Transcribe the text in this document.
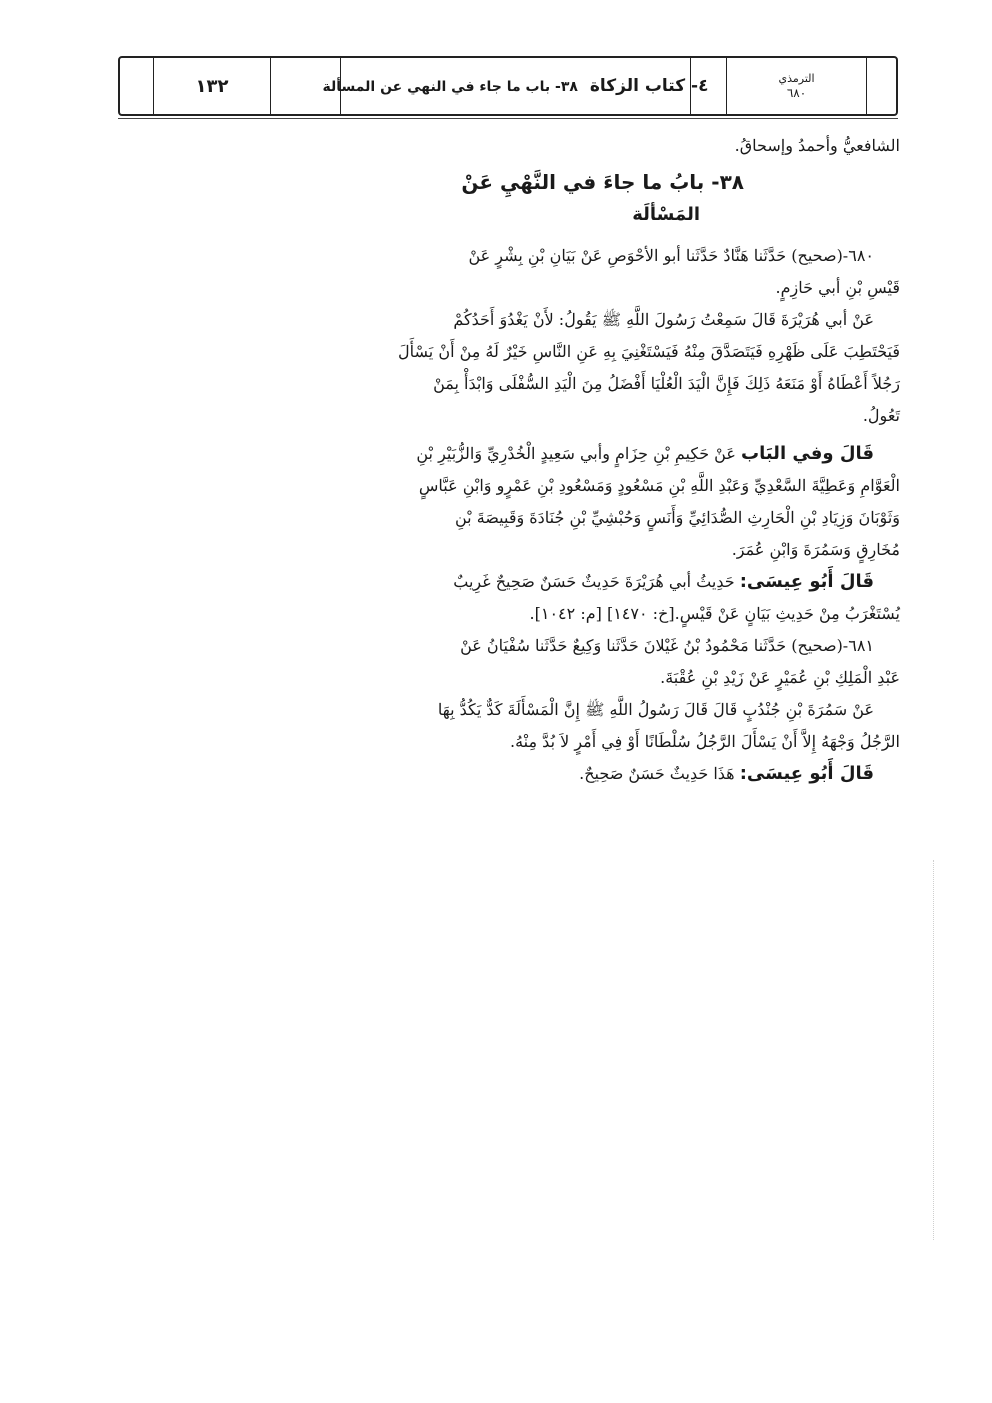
الترمذي
٦٨٠
٤- كتاب الزكاة ٣٨- باب ما جاء في النهي عن المسألة
١٣٢
الشافعيُّ وأحمدُ وإسحاقُ.
٣٨- بابُ ما جاءَ في النَّهْيِ عَنْ
المَسْألَة
٦٨٠-(صحيح) حَدَّثَنا هَنَّادٌ حَدَّثَنا أبو الأحْوَصِ عَنْ بَيَانِ بْنِ بِشْرٍ عَنْ
قَيْسِ بْنِ أبي حَازِمٍ.
عَنْ أبي هُرَيْرَةَ قَالَ سَمِعْتُ رَسُولَ اللَّهِ ﷺ يَقُولُ: لأَنْ يَغْدُوَ أَحَدُكُمْ
فَيَحْتَطِبَ عَلَى ظَهْرِهِ فَيَتَصَدَّقَ مِنْهُ فَيَسْتَغْنِيَ بِهِ عَنِ النَّاسِ خَيْرٌ لَهُ مِنْ أَنْ يَسْأَلَ
رَجُلاً أَعْطَاهُ أَوْ مَنَعَهُ ذَلِكَ فَإِنَّ الْيَدَ الْعُلْيَا أَفْضَلُ مِنَ الْيَدِ السُّفْلَى وَابْدَأْ بِمَنْ
تَعُولُ.
قَالَ وفي البَاب عَنْ حَكِيمِ بْنِ حِزَامٍ وأبي سَعِيدٍ الْخُدْرِيِّ وَالزُّبَيْرِ بْنِ
الْعَوَّامِ وَعَطِيَّةَ السَّعْدِيِّ وَعَبْدِ اللَّهِ بْنِ مَسْعُودٍ وَمَسْعُودِ بْنِ عَمْرٍو وَابْنِ عَبَّاسٍ
وَثَوْبَانَ وَزِيَادِ بْنِ الْحَارِثِ الصُّدَائِيِّ وَأَنَسٍ وَحُبْشِيِّ بْنِ جُنَادَةَ وَقَبِيصَةَ بْنِ
مُخَارِقٍ وَسَمُرَةَ وَابْنِ عُمَرَ.
قَالَ أَبُو عِيسَى: حَدِيثُ أبي هُرَيْرَةَ حَدِيثٌ حَسَنٌ صَحِيحٌ غَرِيبٌ
يُسْتَغْرَبُ مِنْ حَدِيثِ بَيَانٍ عَنْ قَيْسٍ.[خ: ١٤٧٠] [م: ١٠٤٢].
٦٨١-(صحيح) حَدَّثَنا مَحْمُودُ بْنُ غَيْلانَ حَدَّثَنا وَكِيعٌ حَدَّثَنا سُفْيَانُ عَنْ
عَبْدِ الْمَلِكِ بْنِ عُمَيْرٍ عَنْ زَيْدِ بْنِ عُقْبَةَ.
عَنْ سَمُرَةَ بْنِ جُنْدُبٍ قَالَ قَالَ رَسُولُ اللَّهِ ﷺ إِنَّ الْمَسْأَلَةَ كَدٌّ يَكُدُّ بِهَا
الرَّجُلُ وَجْهَهُ إِلاَّ أَنْ يَسْأَلَ الرَّجُلُ سُلْطَانًا أَوْ فِي أَمْرٍ لاَ بُدَّ مِنْهُ.
قَالَ أَبُو عِيسَى: هَذَا حَدِيثٌ حَسَنٌ صَحِيحٌ.
